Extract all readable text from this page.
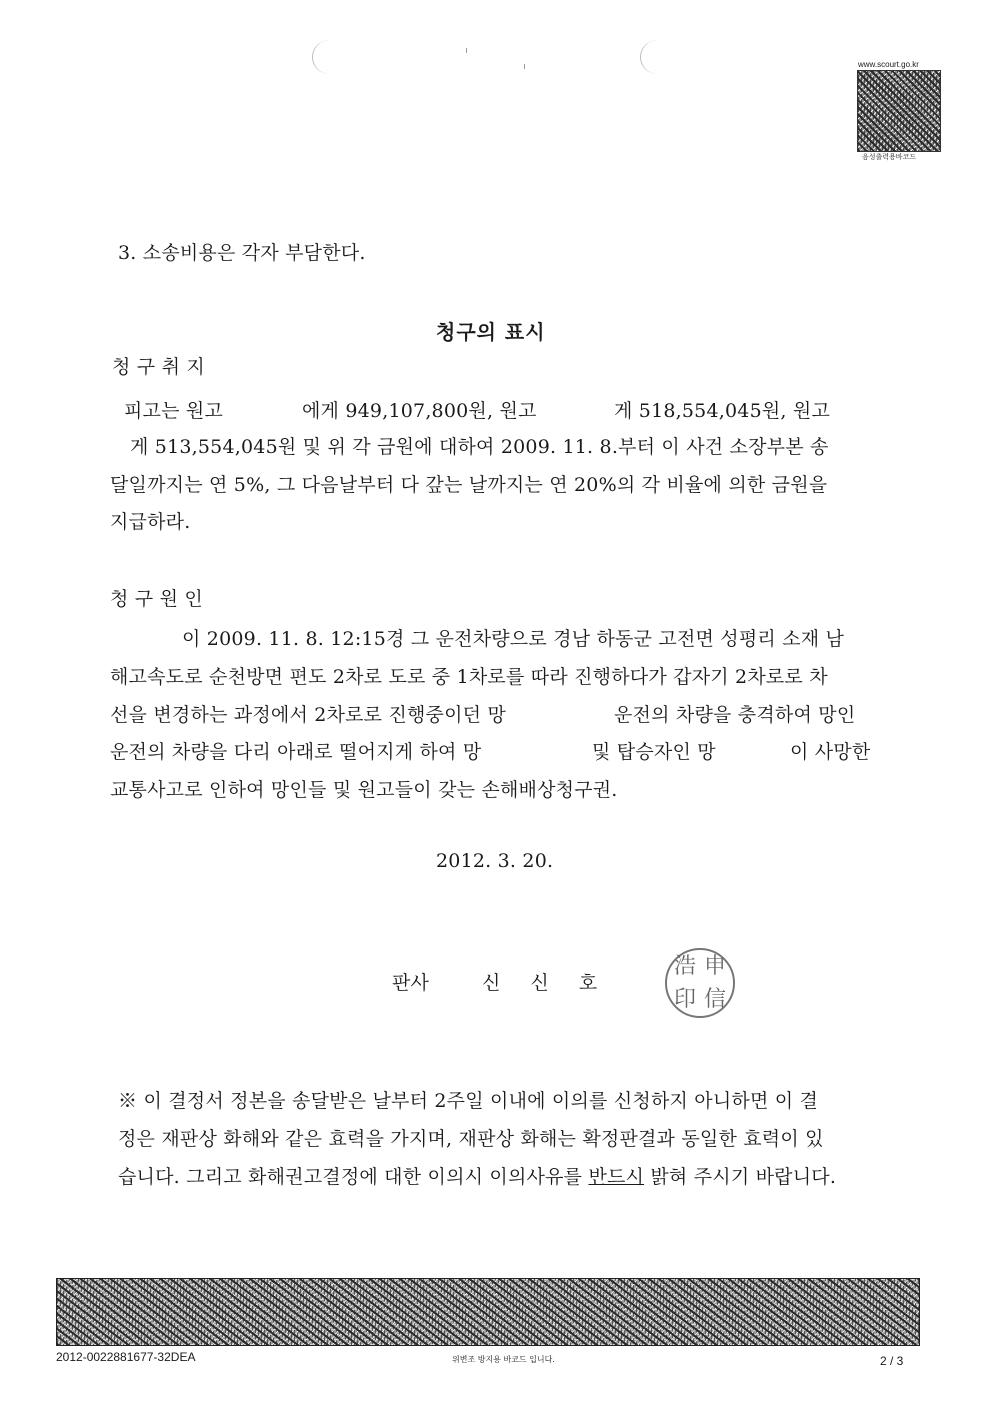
www.scourt.go.kr
음성출력용바코드
3. 소송비용은 각자 부담한다.
청구의 표시
청 구 취 지
피고는 원고	에게 949,107,800원, 원고	게 518,554,045원, 원고
게 513,554,045원 및 위 각 금원에 대하여 2009. 11. 8.부터 이 사건 소장부본 송
달일까지는 연 5%, 그 다음날부터 다 갚는 날까지는 연 20%의 각 비율에 의한 금원을
지급하라.
청 구 원 인
이 2009. 11. 8. 12:15경 그 운전차량으로 경남 하동군 고전면 성평리 소재 남
해고속도로 순천방면 편도 2차로 도로 중 1차로를 따라 진행하다가 갑자기 2차로로 차
선을 변경하는 과정에서 2차로로 진행중이던 망	운전의 차량을 충격하여 망인
운전의 차량을 다리 아래로 떨어지게 하여 망	및 탑승자인 망	이 사망한
교통사고로 인하여 망인들 및 원고들이 갖는 손해배상청구권.
2012. 3. 20.
판사	신 신 호
浩 申
印 信
※ 이 결정서 정본을 송달받은 날부터 2주일 이내에 이의를 신청하지 아니하면 이 결
정은 재판상 화해와 같은 효력을 가지며, 재판상 화해는 확정판결과 동일한 효력이 있
습니다. 그리고 화해권고결정에 대한 이의시 이의사유를 반드시 밝혀 주시기 바랍니다.
2012-0022881677-32DEA	위변조 방지용 바코드 입니다.	2 / 3
